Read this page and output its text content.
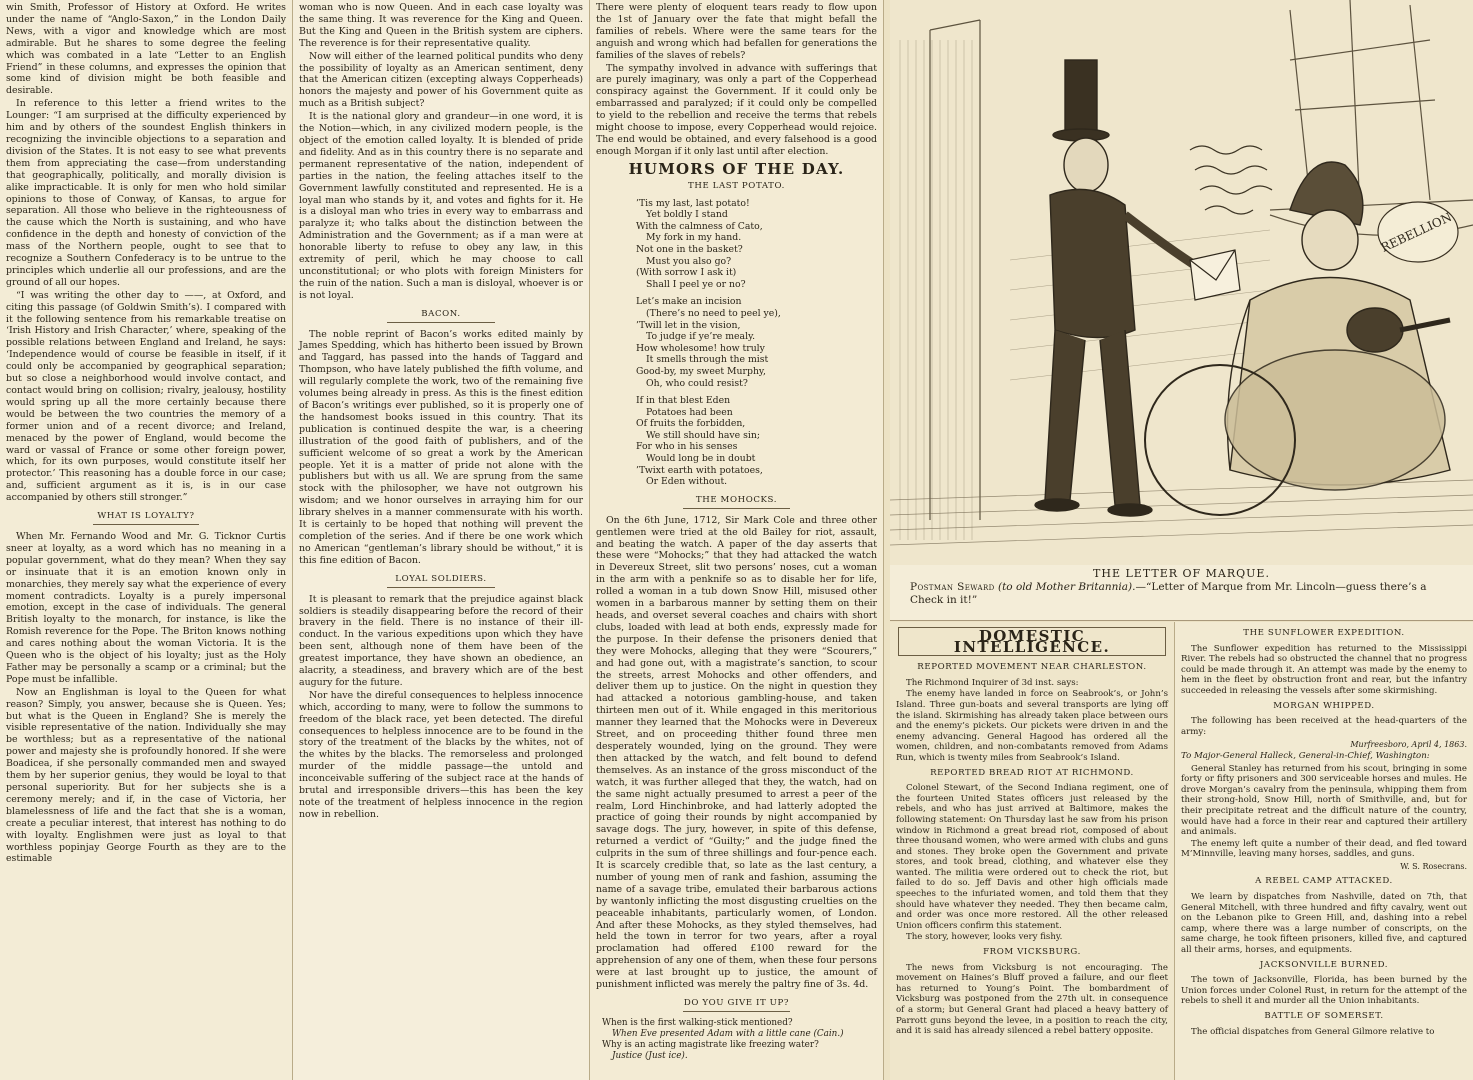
win Smith, Professor of History at Oxford. He writes under the name of “Anglo-Saxon,” in the London Daily News, with a vigor and knowledge which are most admirable. But he shares to some degree the feeling which was combated in a late “Letter to an English Friend” in these columns, and expresses the opinion that some kind of division might be both feasible and desirable.

In reference to this letter a friend writes to the Lounger: “I am surprised at the difficulty experienced by him and by others of the soundest English thinkers in recognizing the invincible objections to a separation and division of the States. It is not easy to see what prevents them from appreciating the case—from understanding that geographically, politically, and morally division is alike impracticable. It is only for men who hold similar opinions to those of Conway, of Kansas, to argue for separation. All those who believe in the righteousness of the cause which the North is sustaining, and who have confidence in the depth and honesty of conviction of the mass of the Northern people, ought to see that to recognize a Southern Confederacy is to be untrue to the principles which underlie all our professions, and are the ground of all our hopes.

“I was writing the other day to ——, at Oxford, and citing this passage (of Goldwin Smith’s). I compared with it the following sentence from his remarkable treatise on ‘Irish History and Irish Character,’ where, speaking of the possible relations between England and Ireland, he says: ‘Independence would of course be feasible in itself, if it could only be accompanied by geographical separation; but so close a neighborhood would involve contact, and contact would bring on collision; rivalry, jealousy, hostility would spring up all the more certainly because there would be between the two countries the memory of a former union and of a recent divorce; and Ireland, menaced by the power of England, would become the ward or vassal of France or some other foreign power, which, for its own purposes, would constitute itself her protector.’ This reasoning has a double force in our case; and, sufficient argument as it is, is in our case accompanied by others still stronger.”

WHAT IS LOYALTY?

When Mr. Fernando Wood and Mr. G. Ticknor Curtis sneer at loyalty, as a word which has no meaning in a popular government, what do they mean? When they say or insinuate that it is an emotion known only in monarchies, they merely say what the experience of every moment contradicts. Loyalty is a purely impersonal emotion, except in the case of individuals. The general British loyalty to the monarch, for instance, is like the Romish reverence for the Pope. The Briton knows nothing and cares nothing about the woman Victoria. It is the Queen who is the object of his loyalty; just as the Holy Father may be personally a scamp or a criminal; but the Pope must be infallible.

Now an Englishman is loyal to the Queen for what reason? Simply, you answer, because she is Queen. Yes; but what is the Queen in England? She is merely the visible representative of the nation. Individually she may be worthless; but as a representative of the national power and majesty she is profoundly honored. If she were Boadicea, if she personally commanded men and swayed them by her superior genius, they would be loyal to that personal superiority. But for her subjects she is a ceremony merely; and if, in the case of Victoria, her blamelessness of life and the fact that she is a woman, create a peculiar interest, that interest has nothing to do with loyalty. Englishmen were just as loyal to that worthless popinjay George Fourth as they are to the estimable

woman who is now Queen. And in each case loyalty was the same thing. It was reverence for the King and Queen. But the King and Queen in the British system are ciphers. The reverence is for their representative quality.

Now will either of the learned political pundits who deny the possibility of loyalty as an American sentiment, deny that the American citizen (excepting always Copperheads) honors the majesty and power of his Government quite as much as a British subject?

It is the national glory and grandeur—in one word, it is the Notion—which, in any civilized modern people, is the object of the emotion called loyalty. It is blended of pride and fidelity. And as in this country there is no separate and permanent representative of the nation, independent of parties in the nation, the feeling attaches itself to the Government lawfully constituted and represented. He is a loyal man who stands by it, and votes and fights for it. He is a disloyal man who tries in every way to embarrass and paralyze it; who talks about the distinction between the Administration and the Government; as if a man were at honorable liberty to refuse to obey any law, in this extremity of peril, which he may choose to call unconstitutional; or who plots with foreign Ministers for the ruin of the nation. Such a man is disloyal, whoever is or is not loyal.

BACON.

The noble reprint of Bacon’s works edited mainly by James Spedding, which has hitherto been issued by Brown and Taggard, has passed into the hands of Taggard and Thompson, who have lately published the fifth volume, and will regularly complete the work, two of the remaining five volumes being already in press. As this is the finest edition of Bacon’s writings ever published, so it is properly one of the handsomest books issued in this country. That its publication is continued despite the war, is a cheering illustration of the good faith of publishers, and of the sufficient welcome of so great a work by the American people. Yet it is a matter of pride not alone with the publishers but with us all. We are sprung from the same stock with the philosopher, we have not outgrown his wisdom; and we honor ourselves in arraying him for our library shelves in a manner commensurate with his worth. It is certainly to be hoped that nothing will prevent the completion of the series. And if there be one work which no American “gentleman’s library should be without,” it is this fine edition of Bacon.

LOYAL SOLDIERS.

It is pleasant to remark that the prejudice against black soldiers is steadily disappearing before the record of their bravery in the field. There is no instance of their ill-conduct. In the various expeditions upon which they have been sent, although none of them have been of the greatest importance, they have shown an obedience, an alacrity, a steadiness, and bravery which are of the best augury for the future.

Nor have the direful consequences to helpless innocence which, according to many, were to follow the summons to freedom of the black race, yet been detected. The direful consequences to helpless innocence are to be found in the story of the treatment of the blacks by the whites, not of the whites by the blacks. The remorseless and prolonged murder of the middle passage—the untold and inconceivable suffering of the subject race at the hands of brutal and irresponsible drivers—this has been the key note of the treatment of helpless innocence in the region now in rebellion.

There were plenty of eloquent tears ready to flow upon the 1st of January over the fate that might befall the families of rebels. Where were the same tears for the anguish and wrong which had befallen for generations the families of the slaves of rebels?

The sympathy involved in advance with sufferings that are purely imaginary, was only a part of the Copperhead conspiracy against the Government. If it could only be embarrassed and paralyzed; if it could only be compelled to yield to the rebellion and receive the terms that rebels might choose to impose, every Copperhead would rejoice. The end would be obtained, and every falsehood is a good enough Morgan if it only last until after election.

HUMORS OF THE DAY.
THE LAST POTATO.
’Tis my last, last potato!
Yet boldly I stand
With the calmness of Cato,
My fork in my hand.
Not one in the basket?
Must you also go?
(With sorrow I ask it)
Shall I peel ye or no?
Let’s make an incision
(There’s no need to peel ye),
’Twill let in the vision,
To judge if ye’re mealy.
How wholesome! how truly
It smells through the mist
Good-by, my sweet Murphy,
Oh, who could resist?
If in that blest Eden
Potatoes had been
Of fruits the forbidden,
We still should have sin;
For who in his senses
Would long be in doubt
’Twixt earth with potatoes,
Or Eden without.
THE MOHOCKS.

On the 6th June, 1712, Sir Mark Cole and three other gentlemen were tried at the old Bailey for riot, assault, and beating the watch. A paper of the day asserts that these were “Mohocks;” that they had attacked the watch in Devereux Street, slit two persons’ noses, cut a woman in the arm with a penknife so as to disable her for life, rolled a woman in a tub down Snow Hill, misused other women in a barbarous manner by setting them on their heads, and overset several coaches and chairs with short clubs, loaded with lead at both ends, expressly made for the purpose. In their defense the prisoners denied that they were Mohocks, alleging that they were “Scourers,” and had gone out, with a magistrate’s sanction, to scour the streets, arrest Mohocks and other offenders, and deliver them up to justice. On the night in question they had attacked a notorious gambling-house, and taken thirteen men out of it. While engaged in this meritorious manner they learned that the Mohocks were in Devereux Street, and on proceeding thither found three men desperately wounded, lying on the ground. They were then attacked by the watch, and felt bound to defend themselves. As an instance of the gross misconduct of the watch, it was further alleged that they, the watch, had on the same night actually presumed to arrest a peer of the realm, Lord Hinchinbroke, and had latterly adopted the practice of going their rounds by night accompanied by savage dogs. The jury, however, in spite of this defense, returned a verdict of “Guilty;” and the judge fined the culprits in the sum of three shillings and four-pence each. It is scarcely credible that, so late as the last century, a number of young men of rank and fashion, assuming the name of a savage tribe, emulated their barbarous actions by wantonly inflicting the most disgusting cruelties on the peaceable inhabitants, particularly women, of London. And after these Mohocks, as they styled themselves, had held the town in terror for two years, after a royal proclamation had offered £100 reward for the apprehension of any one of them, when these four persons were at last brought up to justice, the amount of punishment inflicted was merely the paltry fine of 3s. 4d.

DO YOU GIVE IT UP?
When is the first walking-stick mentioned?
When Eve presented Adam with a little cane (Cain.)
Why is an acting magistrate like freezing water?
Justice (Just ice).
REBELLION
THE LETTER OF MARQUE.
Postman Seward (to old Mother Britannia).—“Letter of Marque from Mr. Lincoln—guess there’s a Check in it!”
DOMESTIC INTELLIGENCE.
REPORTED MOVEMENT NEAR CHARLESTON.

The Richmond Inquirer of 3d inst. says:

The enemy have landed in force on Seabrook’s, or John’s Island. Three gun-boats and several transports are lying off the island. Skirmishing has already taken place between ours and the enemy’s pickets. Our pickets were driven in and the enemy advancing. General Hagood has ordered all the women, children, and non-combatants removed from Adams Run, which is twenty miles from Seabrook’s Island.

REPORTED BREAD RIOT AT RICHMOND.

Colonel Stewart, of the Second Indiana regiment, one of the fourteen United States officers just released by the rebels, and who has just arrived at Baltimore, makes the following statement: On Thursday last he saw from his prison window in Richmond a great bread riot, composed of about three thousand women, who were armed with clubs and guns and stones. They broke open the Government and private stores, and took bread, clothing, and whatever else they wanted. The militia were ordered out to check the riot, but failed to do so. Jeff Davis and other high officials made speeches to the infuriated women, and told them that they should have whatever they needed. They then became calm, and order was once more restored. All the other released Union officers confirm this statement.

The story, however, looks very fishy.

FROM VICKSBURG.

The news from Vicksburg is not encouraging. The movement on Haines’s Bluff proved a failure, and our fleet has returned to Young’s Point. The bombardment of Vicksburg was postponed from the 27th ult. in consequence of a storm; but General Grant had placed a heavy battery of Parrott guns beyond the levee, in a position to reach the city, and it is said has already silenced a rebel battery opposite.

THE SUNFLOWER EXPEDITION.

The Sunflower expedition has returned to the Mississippi River. The rebels had so obstructed the channel that no progress could be made through it. An attempt was made by the enemy to hem in the fleet by obstruction front and rear, but the infantry succeeded in releasing the vessels after some skirmishing.

MORGAN WHIPPED.

The following has been received at the head-quarters of the army:

Murfreesboro, April 4, 1863.
To Major-General Halleck, General-in-Chief, Washington:

General Stanley has returned from his scout, bringing in some forty or fifty prisoners and 300 serviceable horses and mules. He drove Morgan’s cavalry from the peninsula, whipping them from their strong-hold, Snow Hill, north of Smithville, and, but for their precipitate retreat and the difficult nature of the country, would have had a force in their rear and captured their artillery and animals.

The enemy left quite a number of their dead, and fled toward M’Minnville, leaving many horses, saddles, and guns.

W. S. Rosecrans.
A REBEL CAMP ATTACKED.

We learn by dispatches from Nashville, dated on 7th, that General Mitchell, with three hundred and fifty cavalry, went out on the Lebanon pike to Green Hill, and, dashing into a rebel camp, where there was a large number of conscripts, on the same charge, he took fifteen prisoners, killed five, and captured all their arms, horses, and equipments.

JACKSONVILLE BURNED.

The town of Jacksonville, Florida, has been burned by the Union forces under Colonel Rust, in return for the attempt of the rebels to shell it and murder all the Union inhabitants.

BATTLE OF SOMERSET.

The official dispatches from General Gilmore relative to
